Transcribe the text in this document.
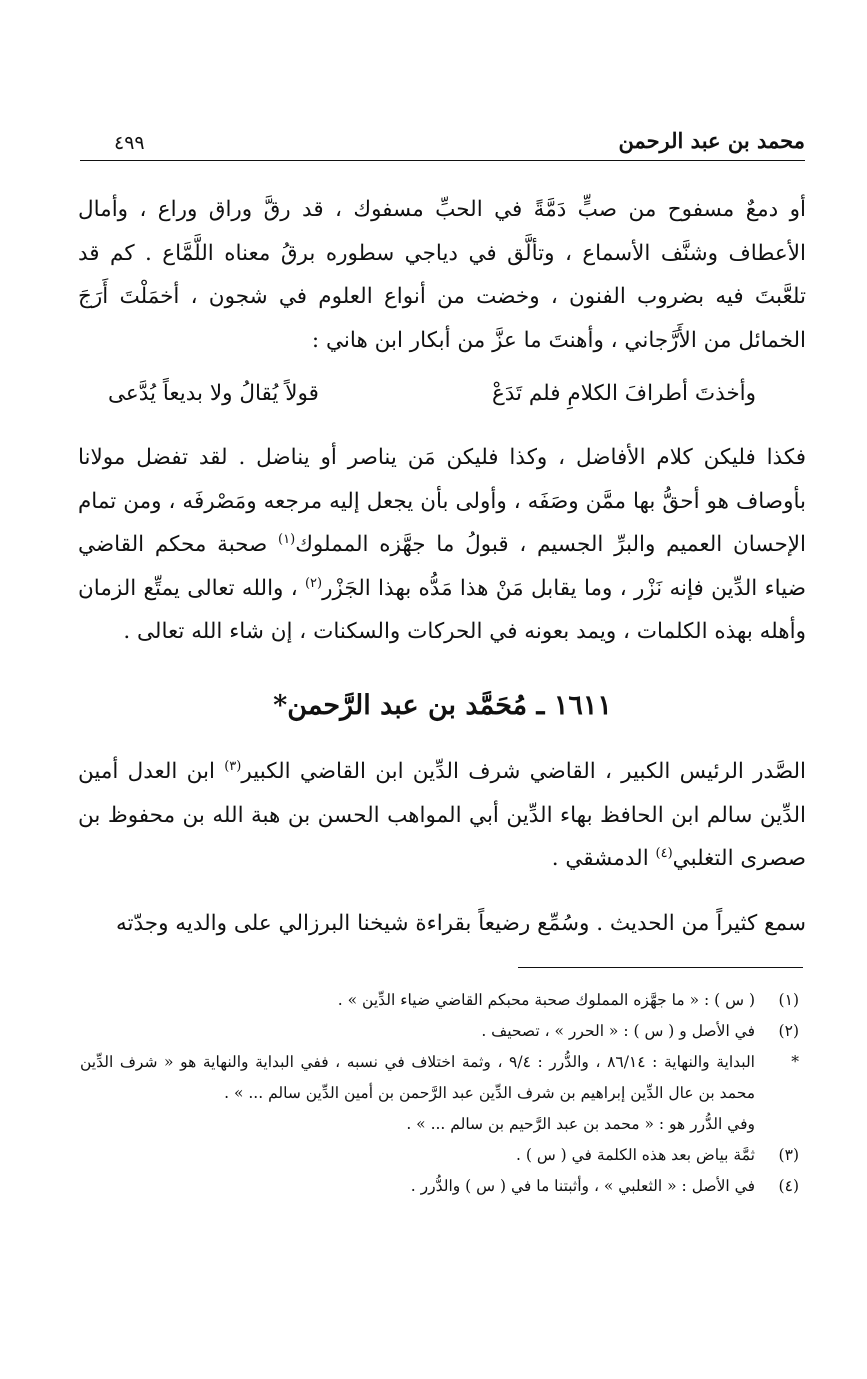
محمد بن عبد الرحمن
٤٩٩

أو دمعٌ مسفوح من صبٍّ دَمَّةً في الحبِّ مسفوك ، قد رقَّ وراق وراع ، وأمال الأعطاف وشنَّف الأسماع ، وتألَّق في دياجي سطوره برقُ معناه اللَّمَّاع . كم قد تلعَّبتَ فيه بضروب الفنون ، وخضت من أنواع العلوم في شجون ، أخمَلْتَ أَرَجَ الخمائل من الأَرَّجاني ، وأهنتَ ما عزَّ من أبكار ابن هاني :

وأخذتَ أطرافَ الكلامِ فلم تَدَعْ
قولاً يُقالُ ولا بديعاً يُدَّعى

فكذا فليكن كلام الأفاضل ، وكذا فليكن مَن يناصر أو يناضل . لقد تفضل مولانا بأوصاف هو أحقُّ بها ممَّن وصَفَه ، وأولى بأن يجعل إليه مرجعه ومَصْرفَه ، ومن تمام الإحسان العميم والبرِّ الجسيم ، قبولُ ما جهَّزه المملوك$^{(١)}$ صحبة محكم القاضي ضياء الدِّين فإنه نَزْر ، وما يقابل مَنْ هذا مَدُّه بهذا الجَزْر$^{(٢)}$ ، والله تعالى يمتِّع الزمان وأهله بهذه الكلمات ، ويمد بعونه في الحركات والسكنات ، إن شاء الله تعالى .

١٦١١ ـ مُحَمَّد بن عبد الرَّحمن*

الصَّدر الرئيس الكبير ، القاضي شرف الدِّين ابن القاضي الكبير$^{(٣)}$ ابن العدل أمين الدِّين سالم ابن الحافظ بهاء الدِّين أبي المواهب الحسن بن هبة الله بن محفوظ بن صصرى التغلبي$^{(٤)}$ الدمشقي .

سمع كثيراً من الحديث . وسُمِّع رضيعاً بقراءة شيخنا البرزالي على والديه وجدّته

(١)
( س ) : « ما جهَّزه المملوك صحبة محبكم القاضي ضياء الدِّين » .
(٢)
في الأصل و ( س ) : « الحرر » ، تصحيف .
*
البداية والنهاية : ٨٦/١٤ ، والدُّرر : ٩/٤ ، وثمة اختلاف في نسبه ، ففي البداية والنهاية هو « شرف الدِّين محمد بن عال الدِّين إبراهيم بن شرف الدِّين عبد الرَّحمن بن أمين الدِّين سالم ... » .
وفي الدُّرر هو : « محمد بن عبد الرَّحيم بن سالم ... » .
(٣)
ثمَّة بياض بعد هذه الكلمة في ( س ) .
(٤)
في الأصل : « الثعلبي » ، وأثبتنا ما في ( س ) والدُّرر .
